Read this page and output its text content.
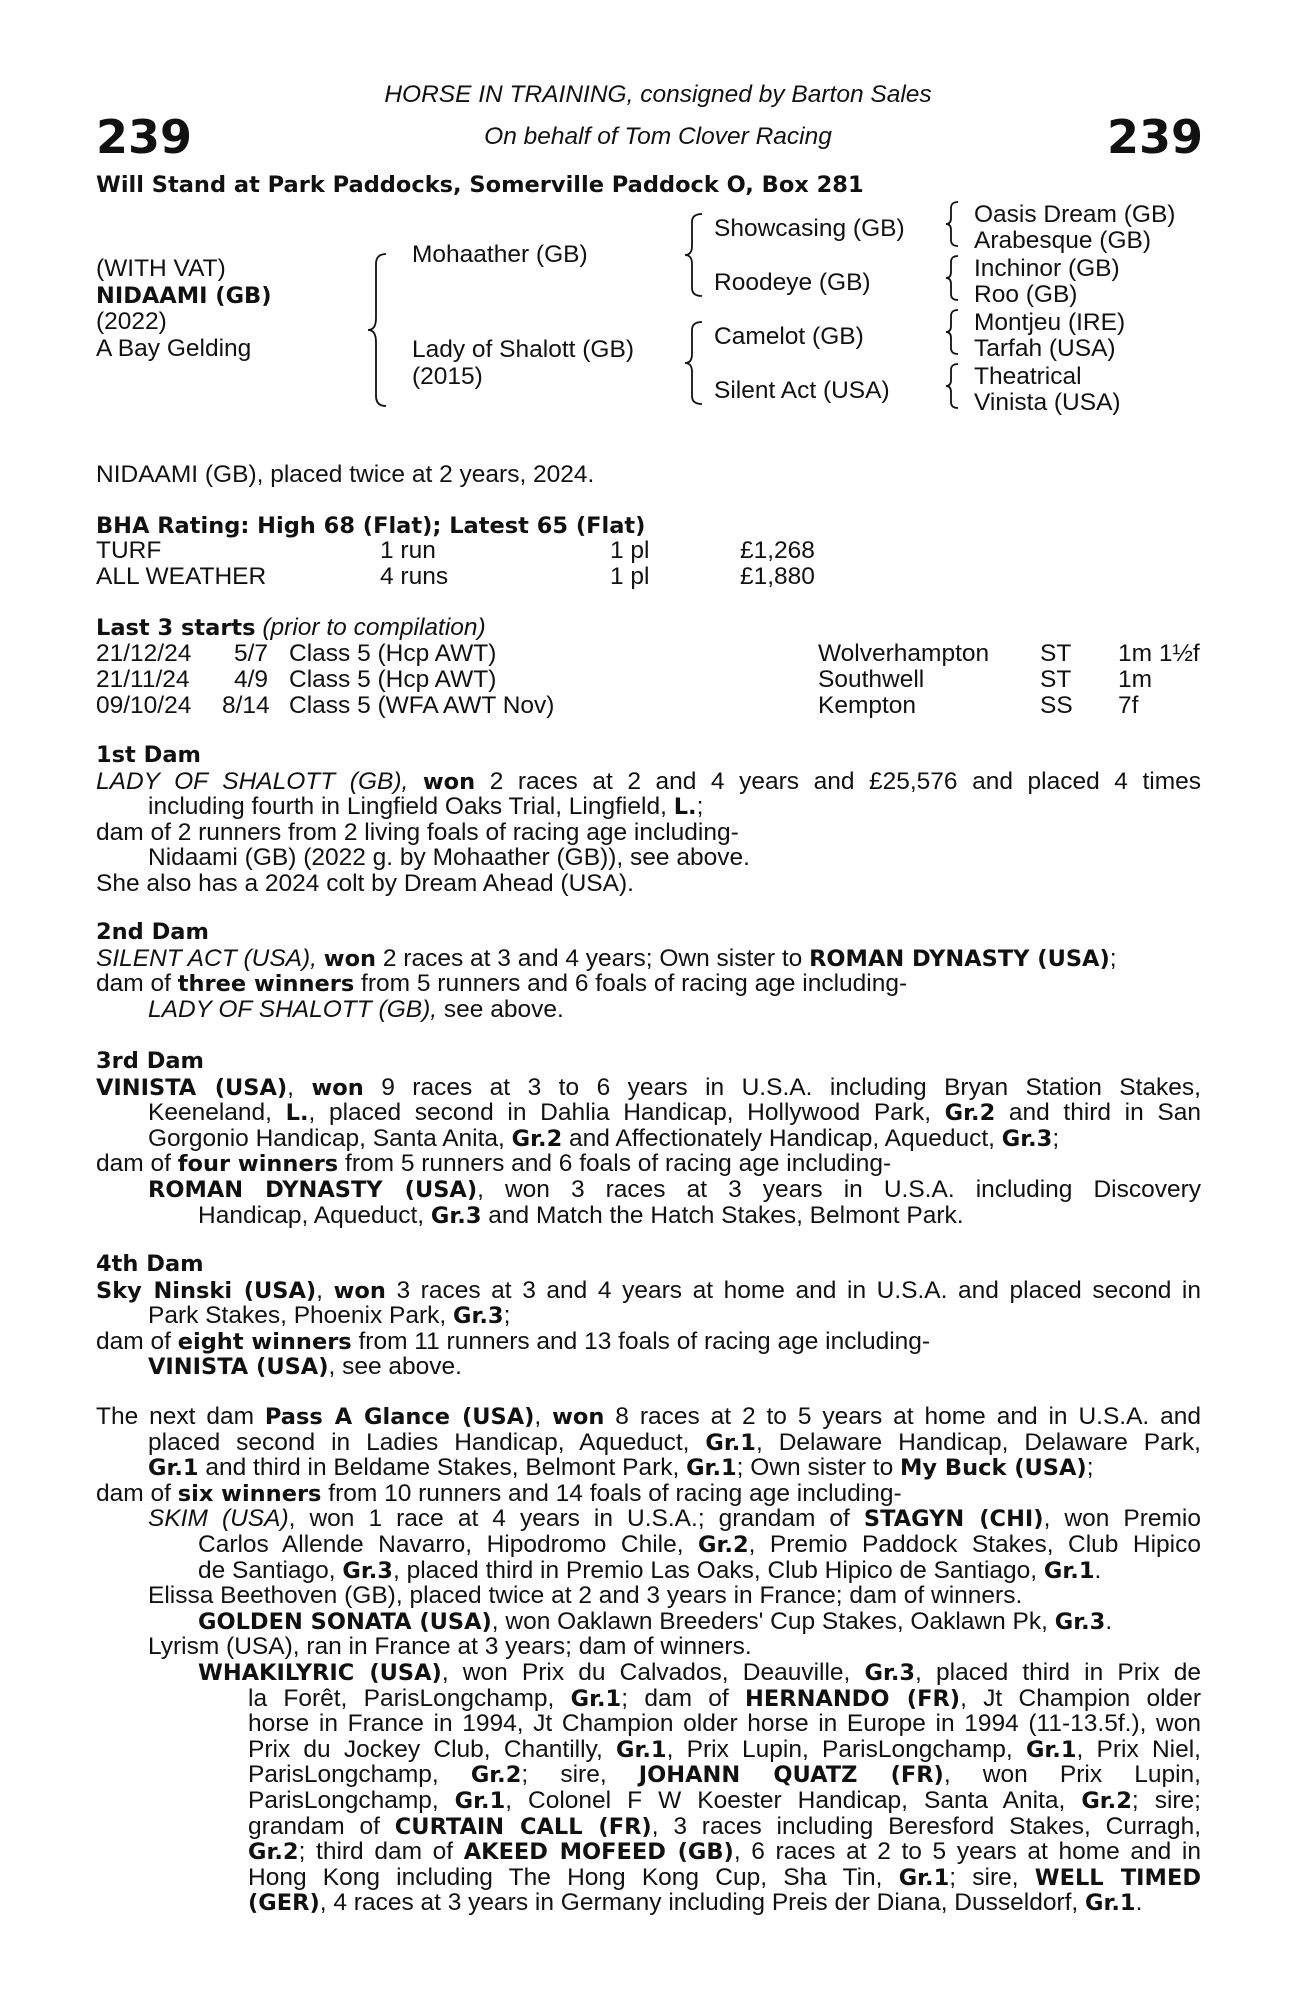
239	239
HORSE IN TRAINING, consigned by Barton Sales
On behalf of Tom Clover Racing
Will Stand at Park Paddocks, Somerville Paddock O, Box 281
(WITH VAT)
NIDAAMI (GB)
(2022)
A Bay Gelding
Mohaather (GB)
Lady of Shalott (GB)
(2015)
Showcasing (GB)
Roodeye (GB)
Camelot (GB)
Silent Act (USA)
Oasis Dream (GB)
Arabesque (GB)
Inchinor (GB)
Roo (GB)
Montjeu (IRE)
Tarfah (USA)
Theatrical
Vinista (USA)
NIDAAMI (GB), placed twice at 2 years, 2024.
BHA Rating: High 68 (Flat); Latest 65 (Flat)
TURF	1 run	1 pl	£1,268
ALL WEATHER	4 runs	1 pl	£1,880
Last 3 starts (prior to compilation)
21/12/24 5/7 Class 5 (Hcp AWT)	Wolverhampton ST 1m 1½f
21/11/24 4/9 Class 5 (Hcp AWT)	Southwell	ST 1m
09/10/24 8/14 Class 5 (WFA AWT Nov)	Kempton	SS 7f
1st Dam
LADY OF SHALOTT (GB), won 2 races at 2 and 4 years and £25,576 and placed 4 times
including fourth in Lingfield Oaks Trial, Lingfield, L.;
dam of 2 runners from 2 living foals of racing age including-
Nidaami (GB) (2022 g. by Mohaather (GB)), see above.
She also has a 2024 colt by Dream Ahead (USA).
2nd Dam
SILENT ACT (USA), won 2 races at 3 and 4 years; Own sister to ROMAN DYNASTY (USA);
dam of three winners from 5 runners and 6 foals of racing age including-
LADY OF SHALOTT (GB), see above.
3rd Dam
VINISTA (USA), won 9 races at 3 to 6 years in U.S.A. including Bryan Station Stakes,
Keeneland, L., placed second in Dahlia Handicap, Hollywood Park, Gr.2 and third in San
Gorgonio Handicap, Santa Anita, Gr.2 and Affectionately Handicap, Aqueduct, Gr.3;
dam of four winners from 5 runners and 6 foals of racing age including-
ROMAN DYNASTY (USA), won 3 races at 3 years in U.S.A. including Discovery
Handicap, Aqueduct, Gr.3 and Match the Hatch Stakes, Belmont Park.
4th Dam
Sky Ninski (USA), won 3 races at 3 and 4 years at home and in U.S.A. and placed second in
Park Stakes, Phoenix Park, Gr.3;
dam of eight winners from 11 runners and 13 foals of racing age including-
VINISTA (USA), see above.
The next dam Pass A Glance (USA), won 8 races at 2 to 5 years at home and in U.S.A. and
placed second in Ladies Handicap, Aqueduct, Gr.1, Delaware Handicap, Delaware Park,
Gr.1 and third in Beldame Stakes, Belmont Park, Gr.1; Own sister to My Buck (USA);
dam of six winners from 10 runners and 14 foals of racing age including-
SKIM (USA), won 1 race at 4 years in U.S.A.; grandam of STAGYN (CHI), won Premio
Carlos Allende Navarro, Hipodromo Chile, Gr.2, Premio Paddock Stakes, Club Hipico
de Santiago, Gr.3, placed third in Premio Las Oaks, Club Hipico de Santiago, Gr.1.
Elissa Beethoven (GB), placed twice at 2 and 3 years in France; dam of winners.
GOLDEN SONATA (USA), won Oaklawn Breeders' Cup Stakes, Oaklawn Pk, Gr.3.
Lyrism (USA), ran in France at 3 years; dam of winners.
WHAKILYRIC (USA), won Prix du Calvados, Deauville, Gr.3, placed third in Prix de
la Forêt, ParisLongchamp, Gr.1; dam of HERNANDO (FR), Jt Champion older
horse in France in 1994, Jt Champion older horse in Europe in 1994 (11-13.5f.), won
Prix du Jockey Club, Chantilly, Gr.1, Prix Lupin, ParisLongchamp, Gr.1, Prix Niel,
ParisLongchamp, Gr.2; sire, JOHANN QUATZ (FR), won Prix Lupin,
ParisLongchamp, Gr.1, Colonel F W Koester Handicap, Santa Anita, Gr.2; sire;
grandam of CURTAIN CALL (FR), 3 races including Beresford Stakes, Curragh,
Gr.2; third dam of AKEED MOFEED (GB), 6 races at 2 to 5 years at home and in
Hong Kong including The Hong Kong Cup, Sha Tin, Gr.1; sire, WELL TIMED
(GER), 4 races at 3 years in Germany including Preis der Diana, Dusseldorf, Gr.1.
